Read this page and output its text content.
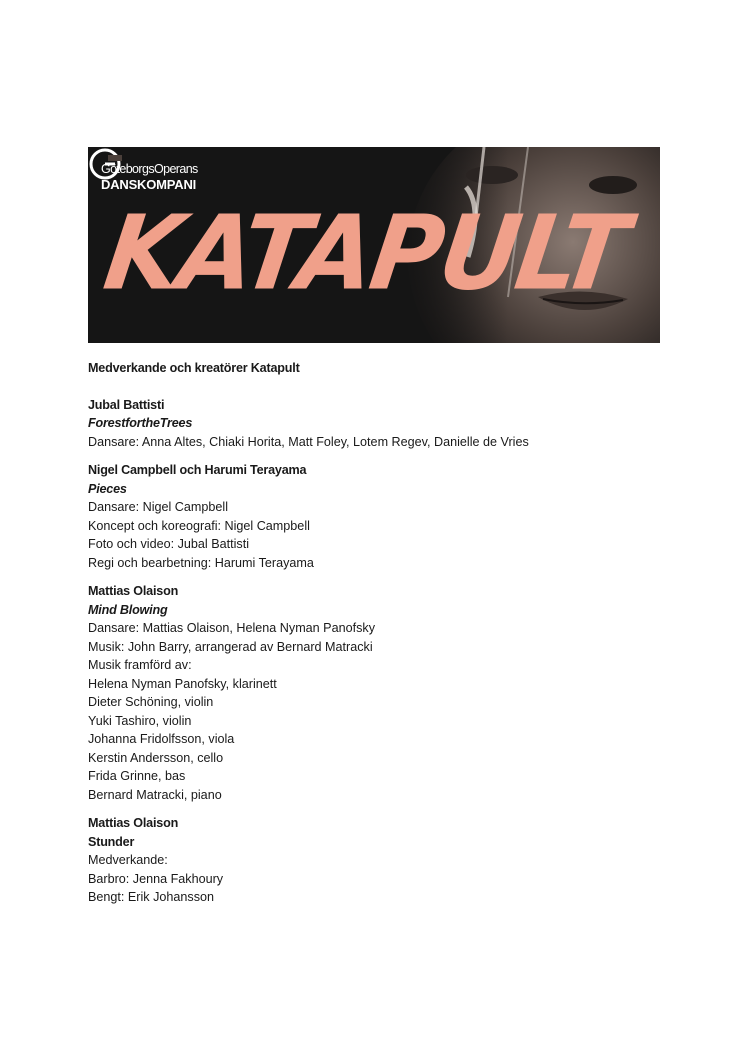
GöteborgsOperans
DANSKOMPANI
KATAPULT
Medverkande och kreatörer Katapult
Jubal Battisti
ForestfortheTrees
Dansare: Anna Altes, Chiaki Horita, Matt Foley, Lotem Regev, Danielle de Vries
Nigel Campbell och Harumi Terayama
Pieces
Dansare: Nigel Campbell
Koncept och koreografi: Nigel Campbell
Foto och video: Jubal Battisti
Regi och bearbetning: Harumi Terayama
Mattias Olaison
Mind Blowing
Dansare: Mattias Olaison, Helena Nyman Panofsky
Musik: John Barry, arrangerad av Bernard Matracki
Musik framförd av:
Helena Nyman Panofsky, klarinett
Dieter Schöning, violin
Yuki Tashiro, violin
Johanna Fridolfsson, viola
Kerstin Andersson, cello
Frida Grinne, bas
Bernard Matracki, piano
Mattias Olaison
Stunder
Medverkande:
Barbro: Jenna Fakhoury
Bengt: Erik Johansson
